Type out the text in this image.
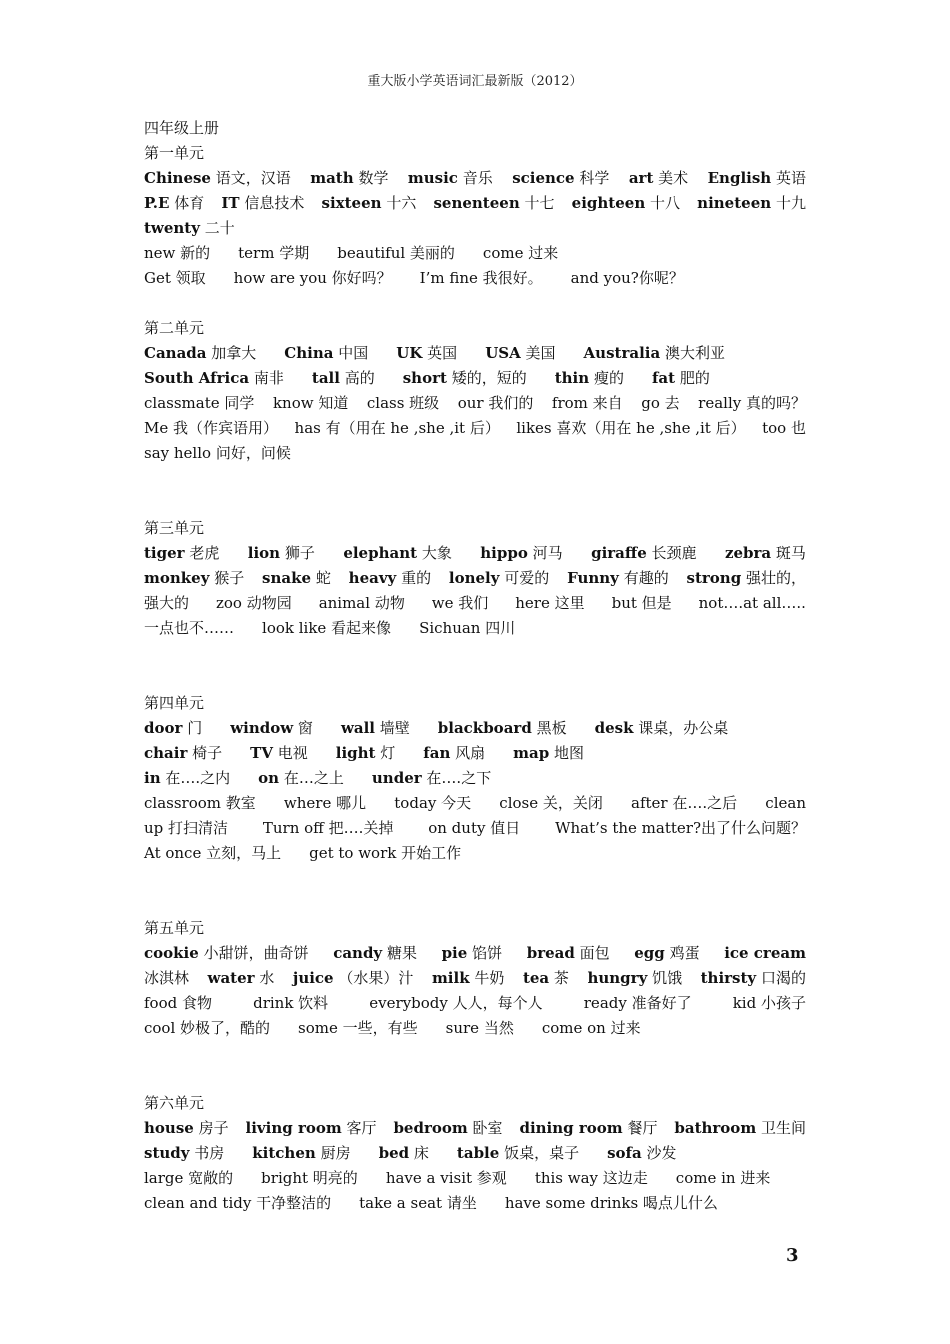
重大版小学英语词汇最新版（2012）
四年级上册
第一单元
Chinese 语文，汉语 math 数学 music 音乐 science 科学 art 美术 English 英语
P.E 体育 IT 信息技术 sixteen 十六 senenteen 十七 eighteen 十八 nineteen 十九
twenty 二十
new 新的 term 学期 beautiful 美丽的 come 过来
Get 领取 how are you 你好吗？ I’m fine 我很好。 and you?你呢？
第二单元
Canada 加拿大 China 中国 UK 英国 USA 美国 Australia 澳大利亚
South Africa 南非 tall 高的 short 矮的，短的 thin 瘦的 fat 肥的
classmate 同学 know 知道 class 班级 our 我们的 from 来自 go 去 really 真的吗？
Me 我（作宾语用） has 有（用在 he ,she ,it 后） likes 喜欢（用在 he ,she ,it 后） too 也
say hello 问好，问候
第三单元
tiger 老虎 lion 狮子 elephant 大象 hippo 河马 giraffe 长颈鹿 zebra 斑马
monkey 猴子 snake 蛇 heavy 重的 lonely 可爱的 Funny 有趣的 strong 强壮的，
强大的 zoo 动物园 animal 动物 we 我们 here 这里 but 但是 not….at all…..
一点也不…… look like 看起来像 Sichuan 四川
第四单元
door 门 window 窗 wall 墙壁 blackboard 黑板 desk 课桌，办公桌
chair 椅子 TV 电视 light 灯 fan 风扇 map 地图
in 在….之内 on 在…之上 under 在….之下
classroom 教室 where 哪儿 today 今天 close 关，关闭 after 在….之后 clean
up 打扫清洁 Turn off 把….关掉 on duty 值日 What’s the matter?出了什么问题？
At once 立刻，马上 get to work 开始工作
第五单元
cookie 小甜饼，曲奇饼 candy 糖果 pie 馅饼 bread 面包 egg 鸡蛋 ice cream
冰淇林 water 水 juice （水果）汁 milk 牛奶 tea 茶 hungry 饥饿 thirsty 口渴的
food 食物	drink 饮料	everybody 人人，每个人	ready 准备好了	kid 小孩子
cool 妙极了，酷的 some 一些，有些 sure 当然 come on 过来
第六单元
house 房子 living room 客厅 bedroom 卧室 dining room 餐厅 bathroom 卫生间
study 书房 kitchen 厨房 bed 床 table 饭桌，桌子 sofa 沙发
large 宽敞的 bright 明亮的 have a visit 参观 this way 这边走 come in 进来
clean and tidy 干净整洁的 take a seat 请坐 have some drinks 喝点儿什么
3
